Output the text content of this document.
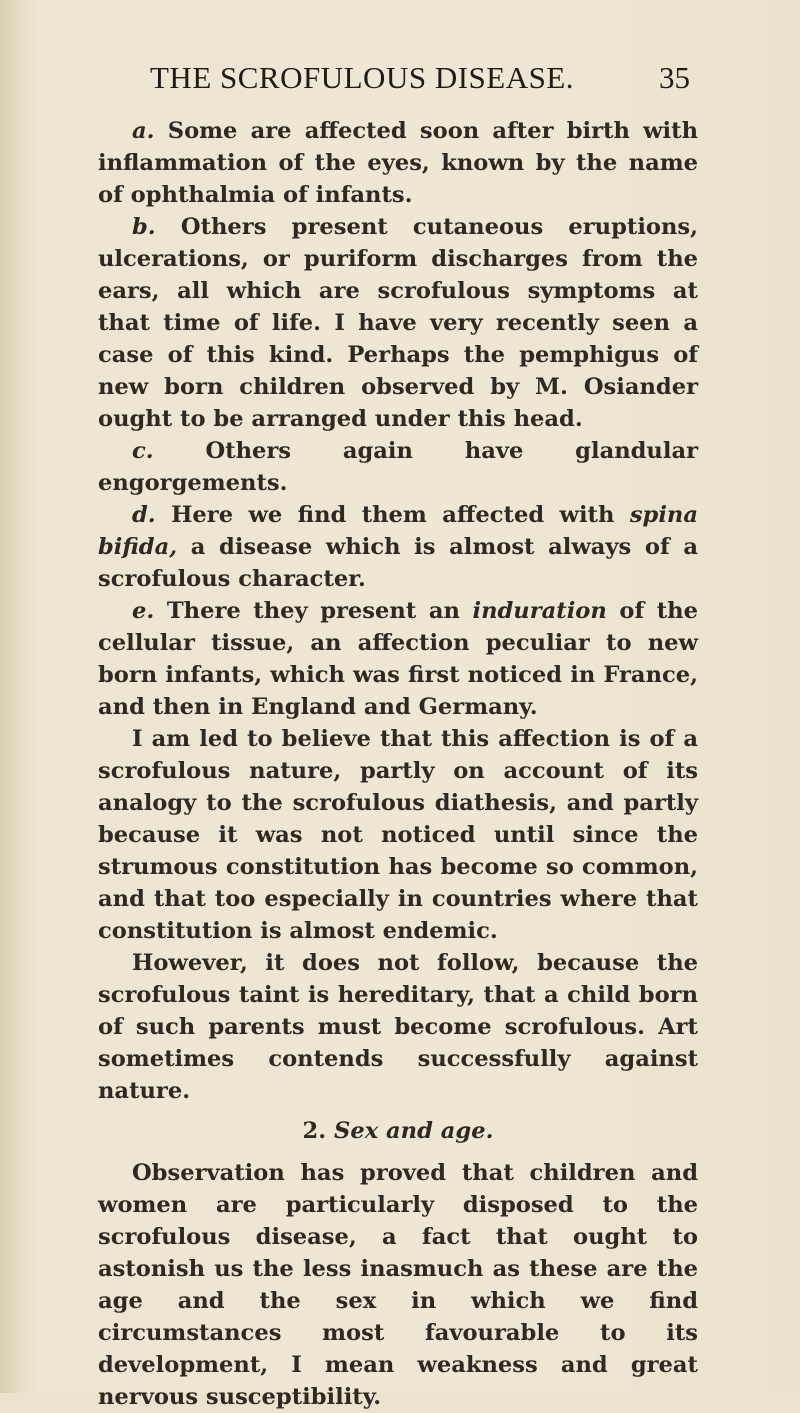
THE SCROFULOUS DISEASE.	35

a. Some are affected soon after birth with inflammation of the eyes, known by the name of ophthalmia of infants.

b. Others present cutaneous eruptions, ulcerations, or puriform discharges from the ears, all which are scrofulous symptoms at that time of life. I have very recently seen a case of this kind. Perhaps the pemphigus of new born children observed by M. Osiander ought to be arranged under this head.

c. Others again have glandular engorgements.

d. Here we find them affected with spina bifida, a disease which is almost always of a scrofulous character.

e. There they present an induration of the cellular tissue, an affection peculiar to new born infants, which was first noticed in France, and then in England and Germany.

I am led to believe that this affection is of a scrofulous nature, partly on account of its analogy to the scrofulous diathesis, and partly because it was not noticed until since the strumous constitution has become so common, and that too especially in countries where that constitution is almost endemic.

However, it does not follow, because the scrofulous taint is hereditary, that a child born of such parents must become scrofulous. Art sometimes contends successfully against nature.

2. Sex and age.

Observation has proved that children and women are particularly disposed to the scrofulous disease, a fact that ought to astonish us the less inasmuch as these are the age and the sex in which we find circumstances most favourable to its development, I mean weakness and great nervous susceptibility.
